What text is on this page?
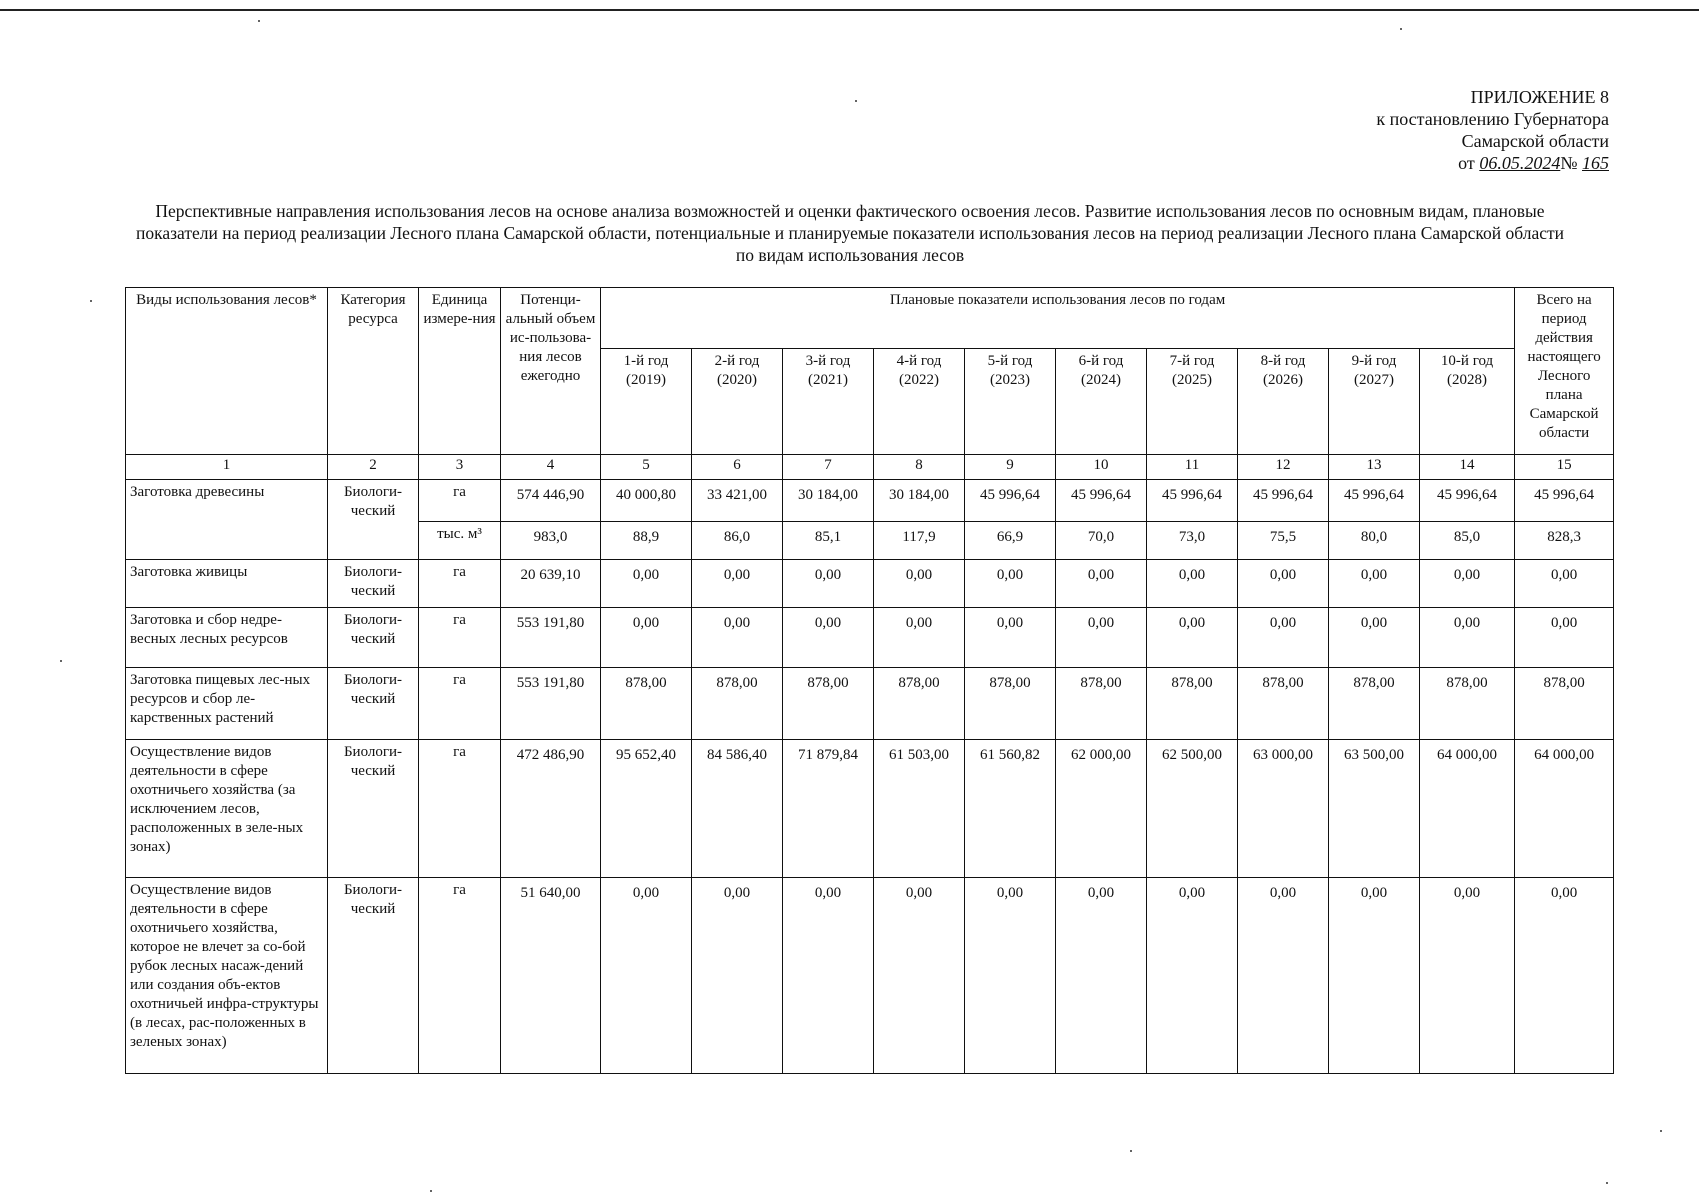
ПРИЛОЖЕНИЕ 8
к постановлению Губернатора
Самарской области
от 06.05.2024№ 165
Перспективные направления использования лесов на основе анализа возможностей и оценки фактического освоения лесов. Развитие использования лесов по основным видам, плановые показатели на период реализации Лесного плана Самарской области, потенциальные и планируемые показатели использования лесов на период реализации Лесного плана Самарской области по видам использования лесов
Виды использования лесов*	Категория ресурса	Единица измере-ния	Потенци-альный объем ис-пользова-ния лесов ежегодно	Плановые показатели использования лесов по годам										Всего на период действия настоящего Лесного плана Самарской области
				1-й год (2019)	2-й год (2020)	3-й год (2021)	4-й год (2022)	5-й год (2023)	6-й год (2024)	7-й год (2025)	8-й год (2026)	9-й год (2027)	10-й год (2028)	
1	2	3	4	5	6	7	8	9	10	11	12	13	14	15
Заготовка древесины	Биологи-ческий	га	574 446,90	40 000,80	33 421,00	30 184,00	30 184,00	45 996,64	45 996,64	45 996,64	45 996,64	45 996,64	45 996,64	45 996,64
		тыс. м³	983,0	88,9	86,0	85,1	117,9	66,9	70,0	73,0	75,5	80,0	85,0	828,3
Заготовка живицы	Биологи-ческий	га	20 639,10	0,00	0,00	0,00	0,00	0,00	0,00	0,00	0,00	0,00	0,00	0,00
Заготовка и сбор недре-весных лесных ресурсов	Биологи-ческий	га	553 191,80	0,00	0,00	0,00	0,00	0,00	0,00	0,00	0,00	0,00	0,00	0,00
Заготовка пищевых лес-ных ресурсов и сбор ле-карственных растений	Биологи-ческий	га	553 191,80	878,00	878,00	878,00	878,00	878,00	878,00	878,00	878,00	878,00	878,00	878,00
Осуществление видов деятельности в сфере охотничьего хозяйства (за исключением лесов, расположенных в зеле-ных зонах)	Биологи-ческий	га	472 486,90	95 652,40	84 586,40	71 879,84	61 503,00	61 560,82	62 000,00	62 500,00	63 000,00	63 500,00	64 000,00	64 000,00
Осуществление видов деятельности в сфере охотничьего хозяйства, которое не влечет за со-бой рубок лесных насаж-дений или создания объ-ектов охотничьей инфра-структуры (в лесах, рас-положенных в зеленых зонах)	Биологи-ческий	га	51 640,00	0,00	0,00	0,00	0,00	0,00	0,00	0,00	0,00	0,00	0,00	0,00
